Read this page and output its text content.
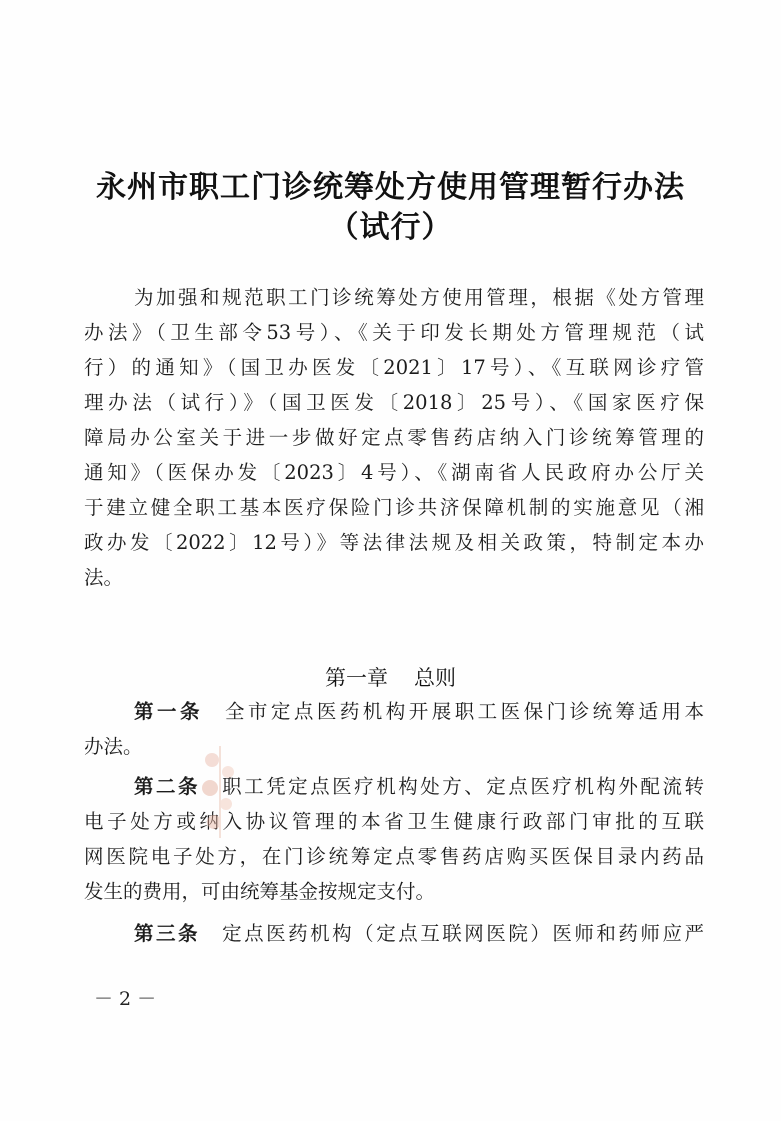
永州市职工门诊统筹处方使用管理暂行办法
（试行）
为加强和规范职工门诊统筹处方使用管理，根据《处方管理
办法》（卫生部令53号）、《关于印发长期处方管理规范（试
行）的通知》（国卫办医发〔2021〕17号）、《互联网诊疗管
理办法（试行）》（国卫医发〔2018〕25号）、《国家医疗保
障局办公室关于进一步做好定点零售药店纳入门诊统筹管理的
通知》（医保办发〔2023〕4号）、《湖南省人民政府办公厅关
于建立健全职工基本医疗保险门诊共济保障机制的实施意见（湘
政办发〔2022〕12号）》等法律法规及相关政策，特制定本办
法。
第一章 总则
第一条 全市定点医药机构开展职工医保门诊统筹适用本
办法。
第二条 职工凭定点医疗机构处方、定点医疗机构外配流转
电子处方或纳入协议管理的本省卫生健康行政部门审批的互联
网医院电子处方，在门诊统筹定点零售药店购买医保目录内药品
发生的费用，可由统筹基金按规定支付。
第三条 定点医药机构（定点互联网医院）医师和药师应严
－2－
